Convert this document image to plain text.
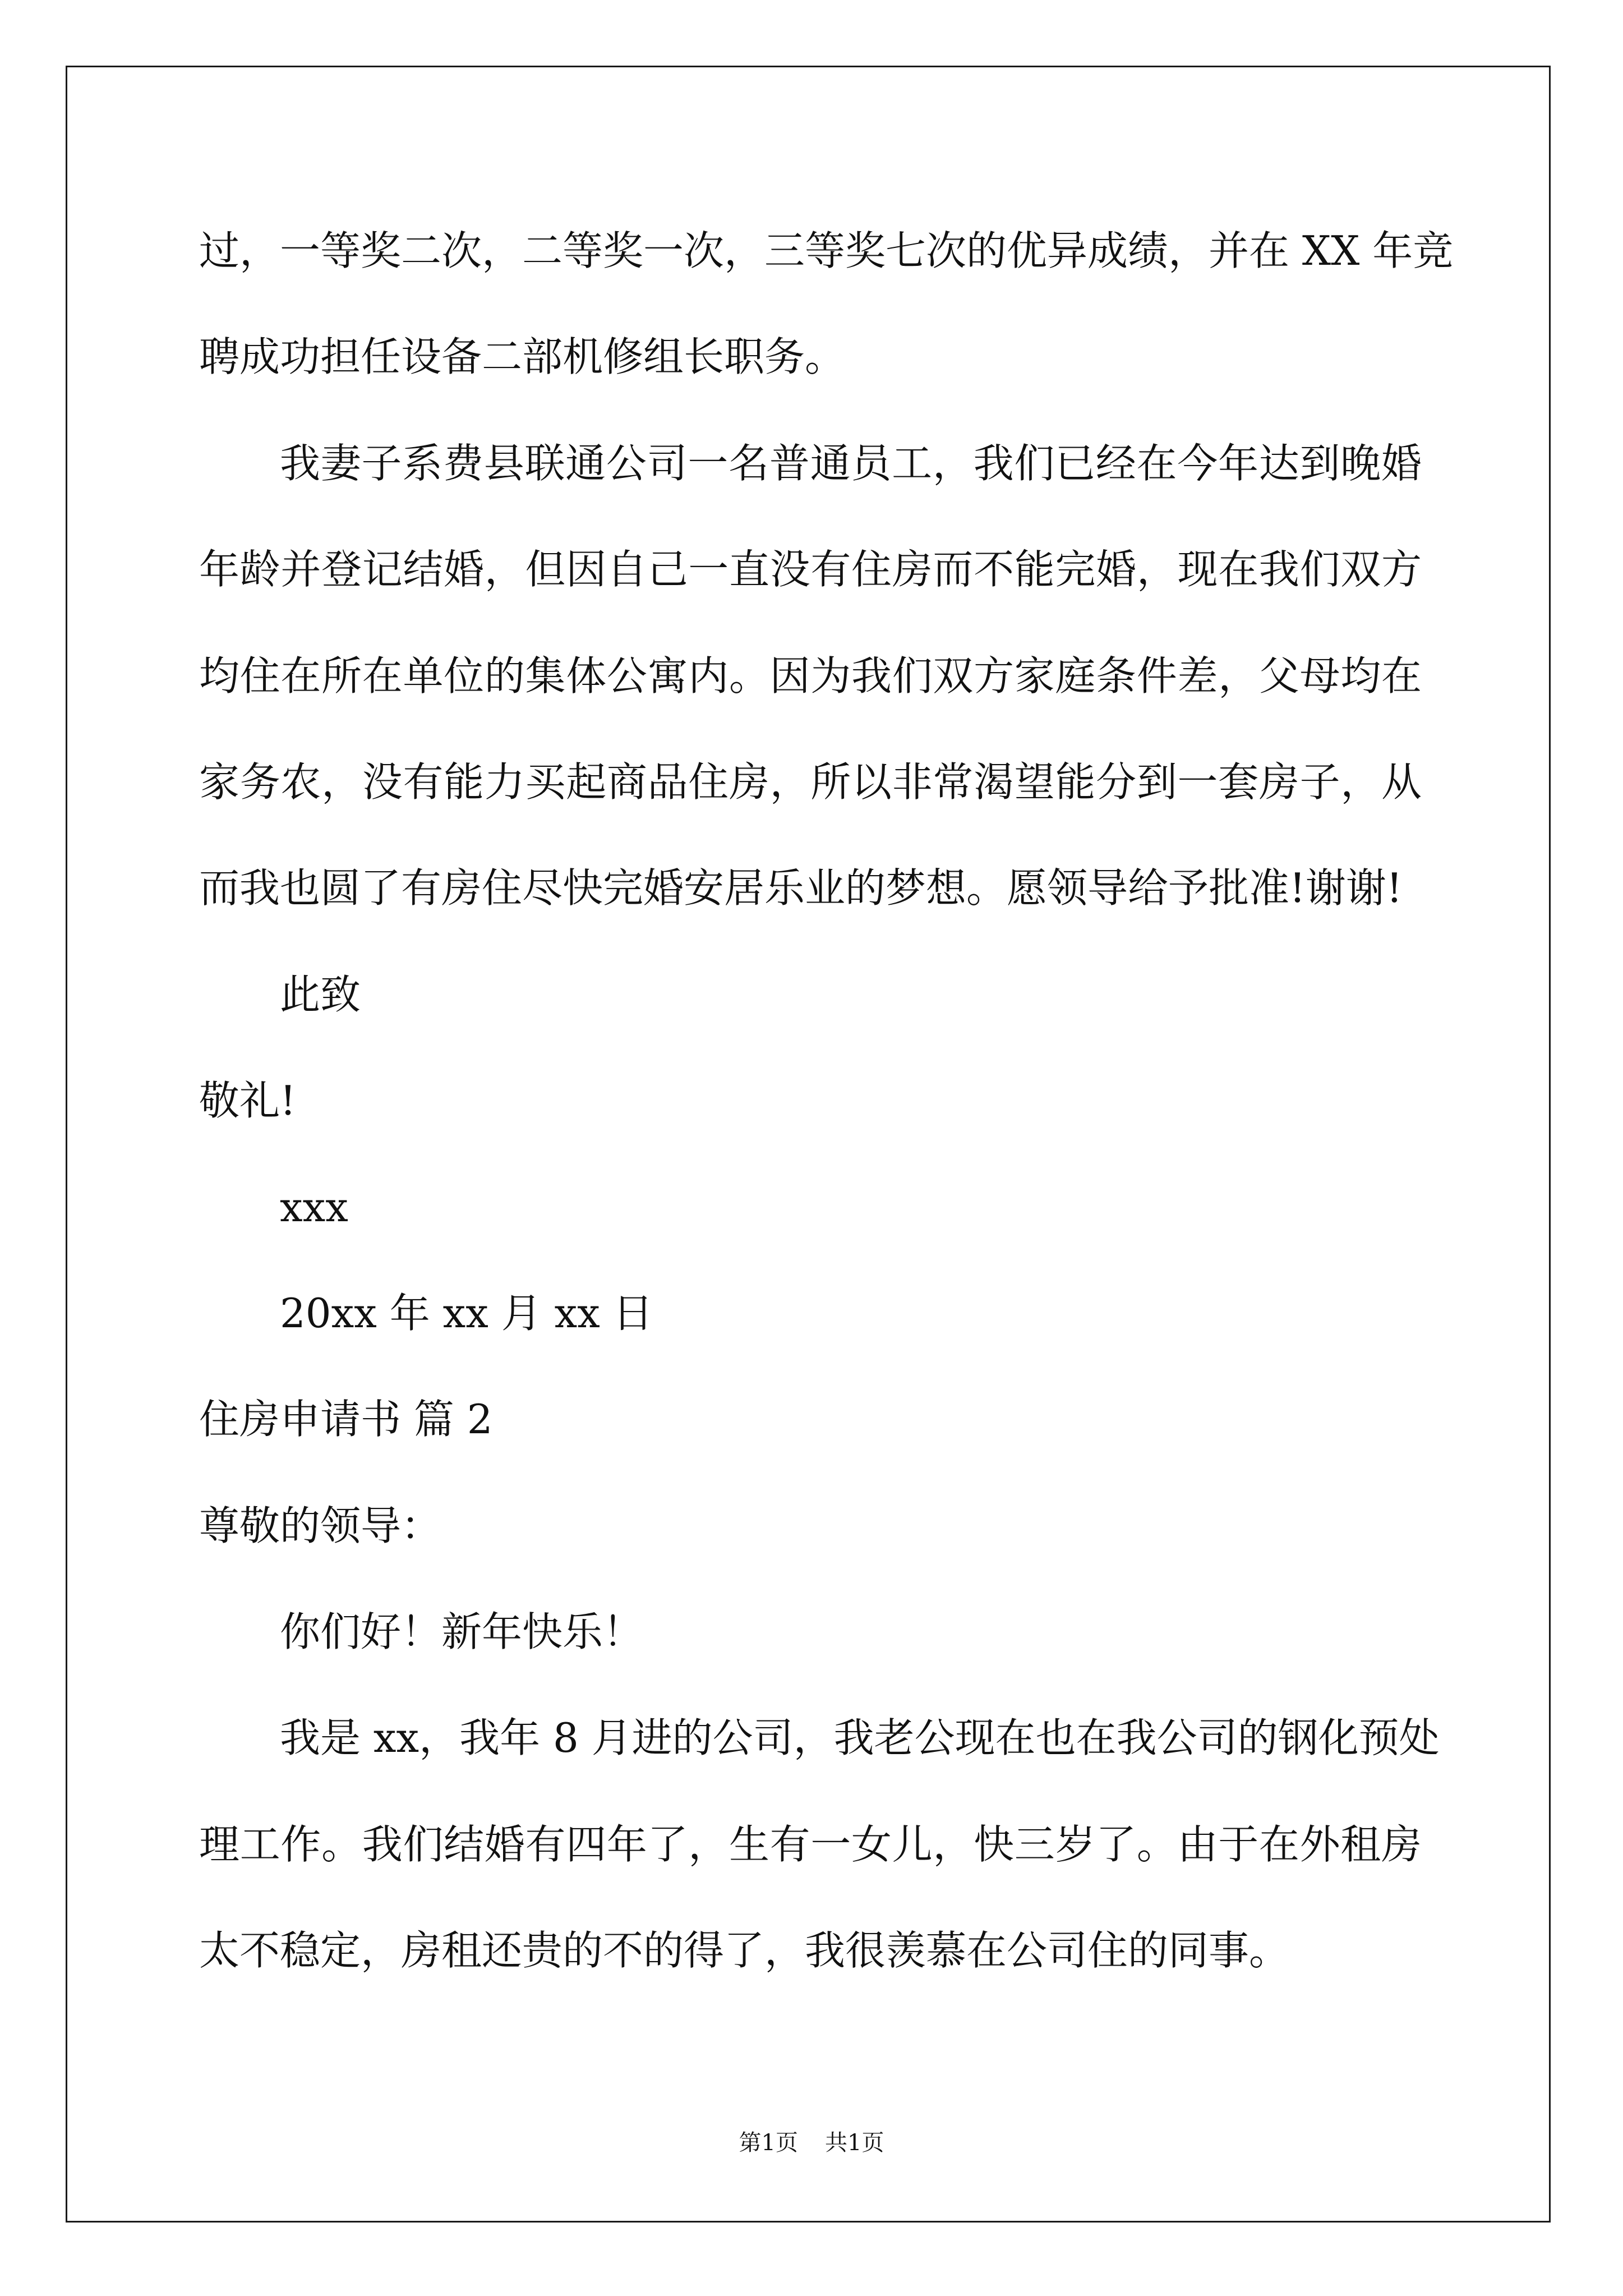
过，一等奖二次，二等奖一次，三等奖七次的优异成绩，并在 XX 年竞
聘成功担任设备二部机修组长职务。
我妻子系费县联通公司一名普通员工，我们已经在今年达到晚婚
年龄并登记结婚，但因自己一直没有住房而不能完婚，现在我们双方
均住在所在单位的集体公寓内。因为我们双方家庭条件差，父母均在
家务农，没有能力买起商品住房，所以非常渴望能分到一套房子，从
而我也圆了有房住尽快完婚安居乐业的梦想。愿领导给予批准!谢谢!
此致
敬礼!
xxx
20xx 年 xx 月 xx 日
住房申请书 篇 2
尊敬的领导：
你们好！新年快乐！
我是 xx，我年 8 月进的公司，我老公现在也在我公司的钢化预处
理工作。我们结婚有四年了，生有一女儿，快三岁了。由于在外租房
太不稳定，房租还贵的不的得了，我很羡慕在公司住的同事。
第1页 共1页
